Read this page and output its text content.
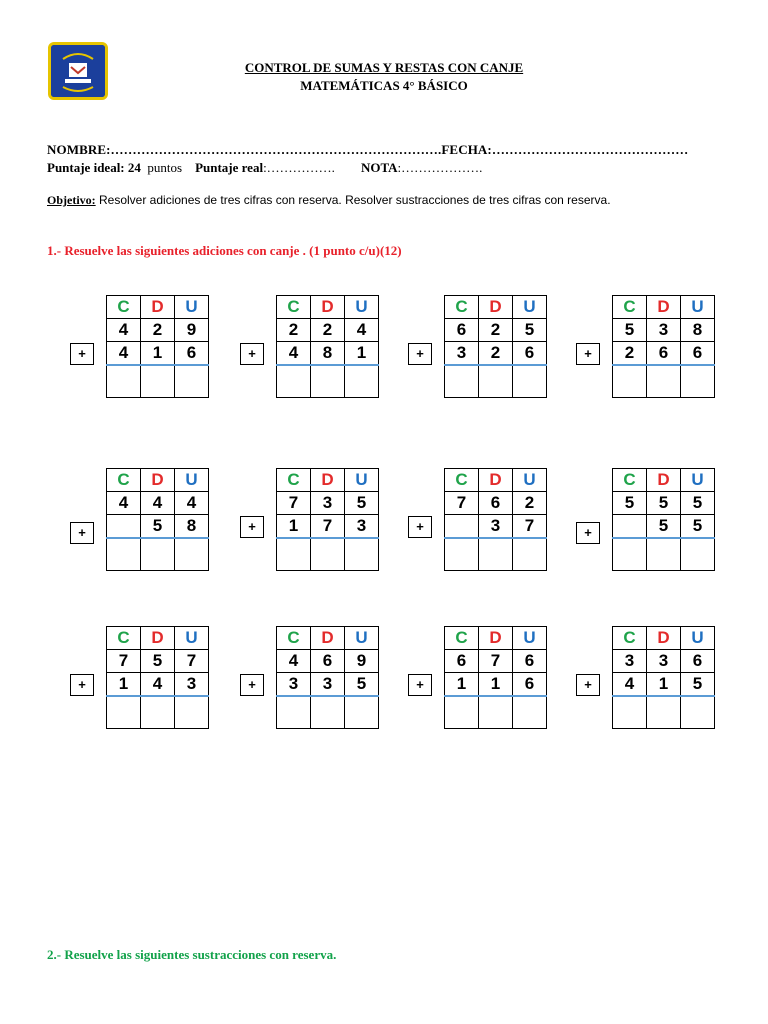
CONTROL DE SUMAS Y RESTAS CON CANJE
MATEMÁTICAS 4° BÁSICO
NOMBRE:………………………………………………………………….FECHA:………………………………………
Puntaje ideal: 24 puntos Puntaje real:……………. NOTA:……………….
Objetivo: Resolver adiciones de tres cifras con reserva. Resolver sustracciones de tres cifras con reserva.
1.- Resuelve las siguientes adiciones con canje . (1 punto c/u)(12)
+
C	D	U
4	2	9
4	1	6
			+
C	D	U
2	2	4
4	8	1
			+
C	D	U
6	2	5
3	2	6
			+
C	D	U
5	3	8
2	6	6

+
C	D	U
4	4	4
	5	8
			+
C	D	U
7	3	5
1	7	3
			+
C	D	U
7	6	2
	3	7
			+
C	D	U
5	5	5
	5	5

+
C	D	U
7	5	7
1	4	3
			+
C	D	U
4	6	9
3	3	5
			+
C	D	U
6	7	6
1	1	6
			+
C	D	U
3	3	6
4	1	5

2.- Resuelve las siguientes sustracciones con reserva.
